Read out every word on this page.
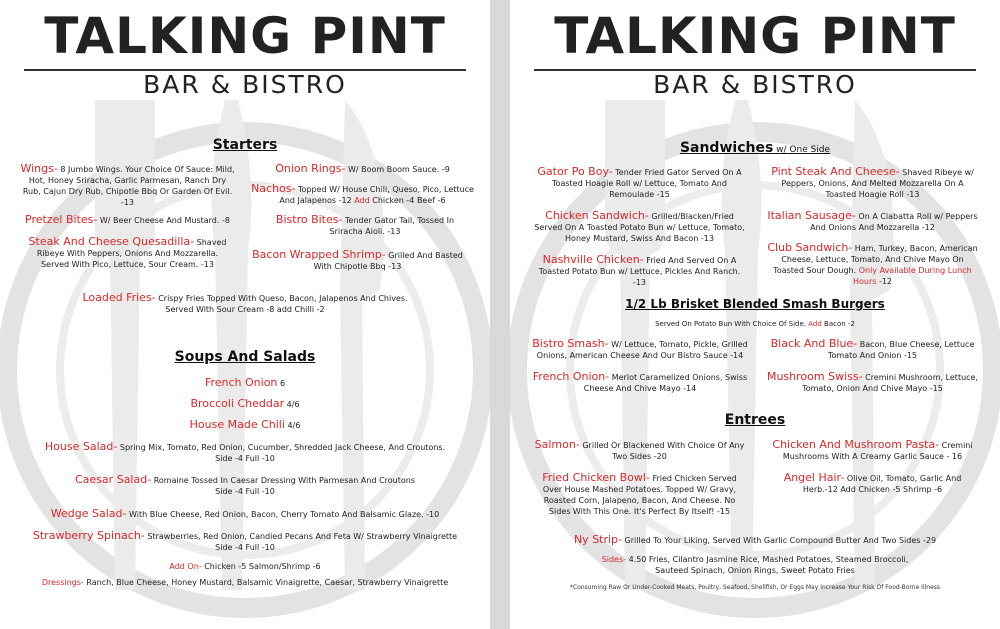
TALKING PINT
BAR & BISTRO
Starters
Wings- 8 Jumbo Wings. Your Choice Of Sauce: Mild, Hot, Honey Sriracha, Garlic Parmesan, Ranch Dry Rub, Cajun Dry Rub, Chipotle Bbq Or Garden Of Evil. -13
Onion Rings- W/ Boom Boom Sauce. -9
Nachos- Topped W/ House Chili, Queso, Pico, Lettuce And Jalapenos -12 Add Chicken -4 Beef -6
Pretzel Bites- W/ Beer Cheese And Mustard. -8	Bistro Bites- Tender Gator Tail, Tossed In Sriracha Aioli. -13
Steak And Cheese Quesadilla- Shaved Ribeye With Peppers, Onions And Mozzarella. Served With Pico, Lettuce, Sour Cream. -13
Bacon Wrapped Shrimp- Grilled And Basted With Chipotle Bbq -13
Loaded Fries- Crispy Fries Topped With Queso, Bacon, Jalapenos And Chives. Served With Sour Cream -8 add Chilli -2
Soups And Salads
French Onion 6
Broccoli Cheddar 4/6
House Made Chili 4/6
House Salad- Spring Mix, Tomato, Red Onion, Cucumber, Shredded Jack Cheese, And Croutons.
Side -4 Full -10
Caesar Salad- Romaine Tossed In Caesar Dressing With Parmesan And Croutons
Side -4 Full -10
Wedge Salad- With Blue Cheese, Red Onion, Bacon, Cherry Tomato And Balsamic Glaze. -10
Strawberry Spinach- Strawberries, Red Onion, Candied Pecans And Feta W/ Strawberry Vinaigrette
Side -4 Full -10
Add On- Chicken -5 Salmon/Shrimp -6
Dressings- Ranch, Blue Cheese, Honey Mustard, Balsamic Vinaigrette, Caesar, Strawberry Vinaigrette
TALKING PINT
BAR & BISTRO
Sandwiches w/ One Side
Gator Po Boy- Tender Fried Gator Served On A Toasted Hoagie Roll w/ Lettuce, Tomato And Remoulade -15
Pint Steak And Cheese- Shaved Ribeye w/ Peppers, Onions, And Melted Mozzarella On A Toasted Hoagie Roll -13
Chicken Sandwich- Grilled/Blacken/Fried Served On A Toasted Potato Bun w/ Lettuce, Tomato, Honey Mustard, Swiss And Bacon -13
Italian Sausage- On A Ciabatta Roll w/ Peppers And Onions And Mozzarella -12
Nashville Chicken- Fried And Served On A Toasted Potato Bun w/ Lettuce, Pickles And Ranch. -13
Club Sandwich- Ham, Turkey, Bacon, American Cheese, Lettuce, Tomato, And Chive Mayo On Toasted Sour Dough. Only Available During Lunch Hours -12
1/2 Lb Brisket Blended Smash Burgers
Served On Potato Bun With Choice Of Side. Add Bacon -2
Bistro Smash- W/ Lettuce, Tomato, Pickle, Grilled Onions, American Cheese And Our Bistro Sauce -14
Black And Blue- Bacon, Blue Cheese, Lettuce Tomato And Onion -15
French Onion- Merlot Caramelized Onions, Swiss Cheese And Chive Mayo -14
Mushroom Swiss- Cremini Mushroom, Lettuce, Tomato, Onion And Chive Mayo -15
Entrees
Salmon- Grilled Or Blackened With Choice Of Any Two Sides -20
Chicken And Mushroom Pasta- Cremini Mushrooms With A Creamy Garlic Sauce - 16
Fried Chicken Bowl- Fried Chicken Served Over House Mashed Potatoes. Topped W/ Gravy, Roasted Corn, Jalapeno, Bacon, And Cheese. No Sides With This One. It's Perfect By Itself! -15
Angel Hair- Olive Oil, Tomato, Garlic And Herb.-12 Add Chicken -5 Shrimp -6
Ny Strip- Grilled To Your Liking, Served With Garlic Compound Butter And Two Sides -29
Sides- 4.50 Fries, Cilantro Jasmine Rice, Mashed Potatoes, Steamed Broccoli, Sauteed Spinach, Onion Rings, Sweet Potato Fries
*Consuming Raw Or Under-Cooked Meats, Poultry, Seafood, Shellfish, Or Eggs May Increase Your Risk Of Food-Borne Illness
